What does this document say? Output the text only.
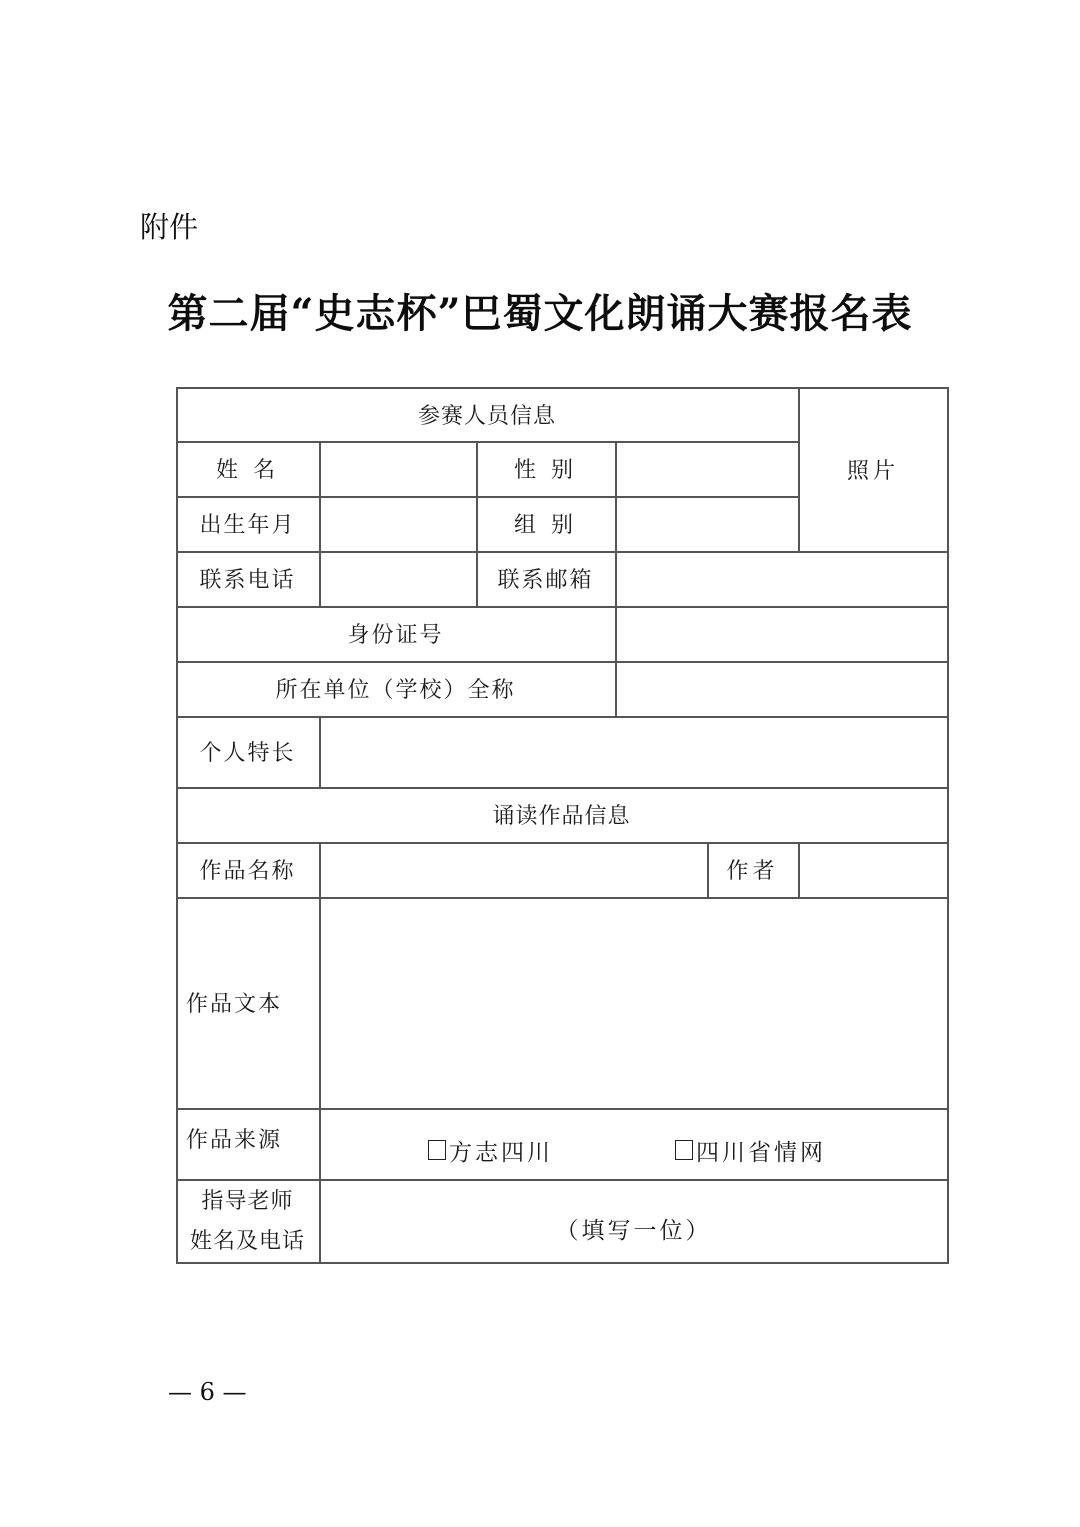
附件
第二届“史志杯”巴蜀文化朗诵大赛报名表
参赛人员信息
照片
姓 名	性 别
出生年月	组 别
联系电话	联系邮箱
身份证号
所在单位（学校）全称
个人特长
诵读作品信息
作品名称	作者
作品文本
作品来源	方志四川	四川省情网
指导老师
姓名及电话	（填写一位）
— 6 —
